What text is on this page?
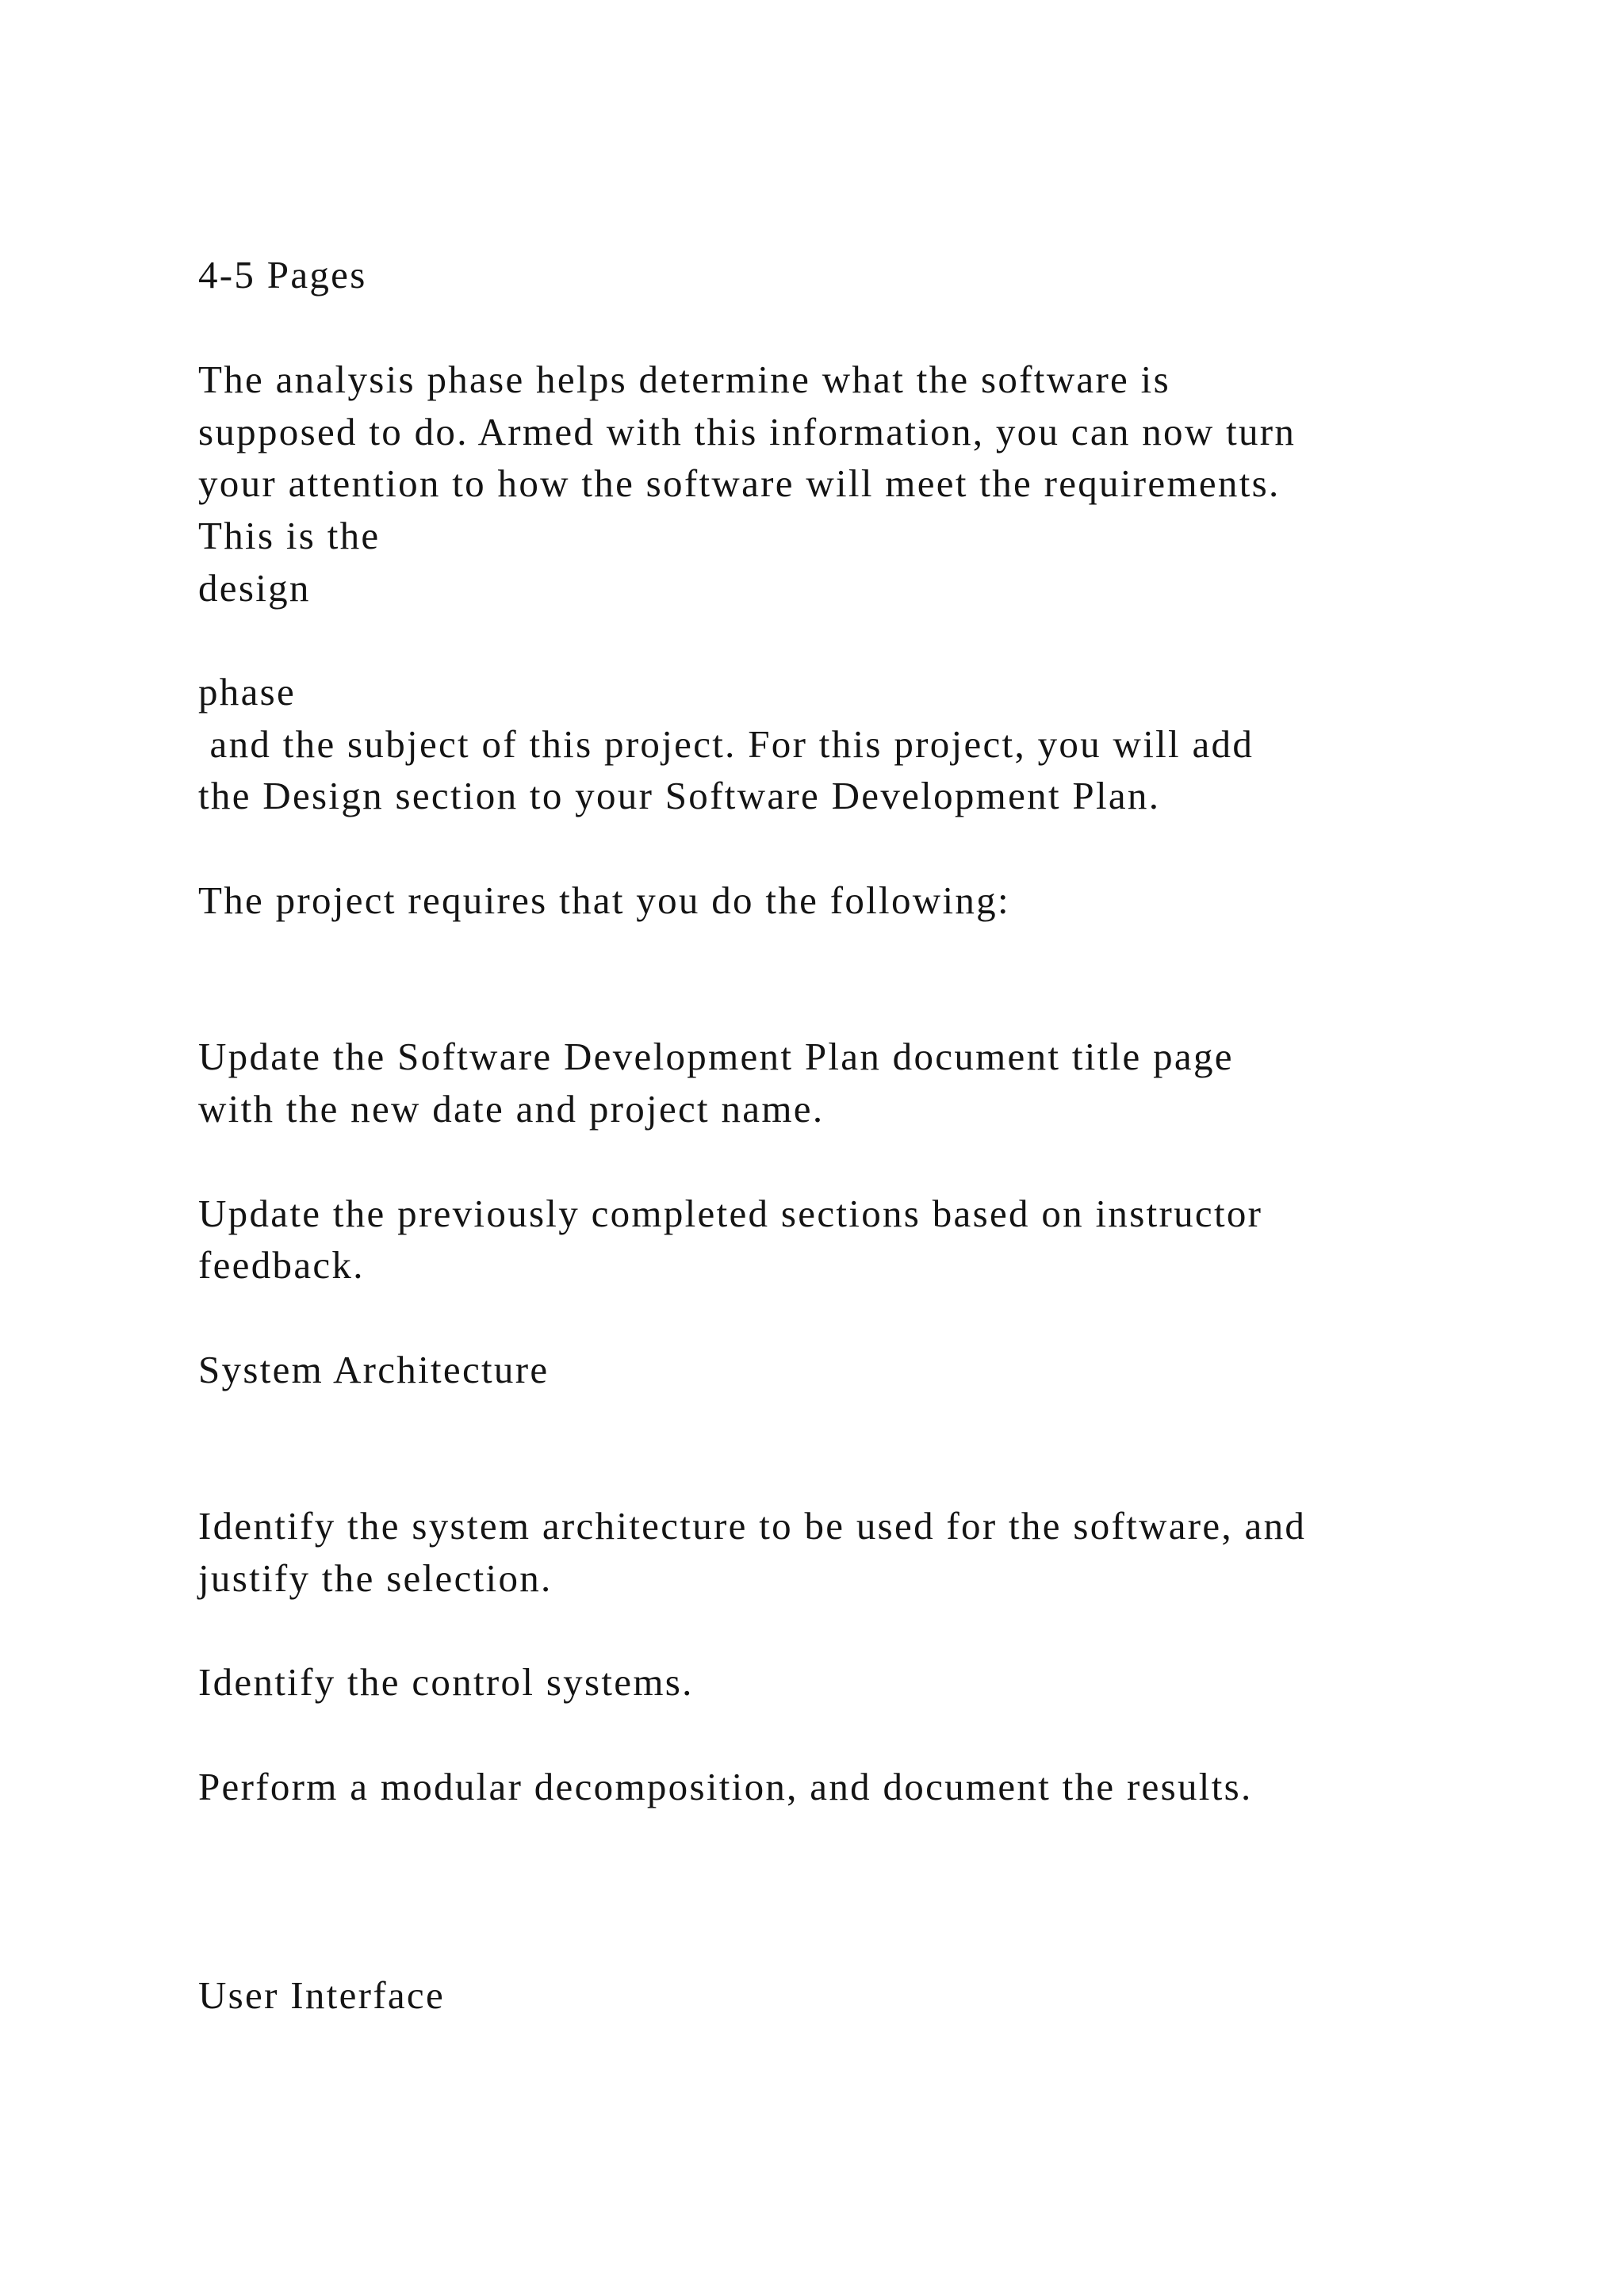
4-5 Pages

The analysis phase helps determine what the software is

supposed to do. Armed with this information, you can now turn

your attention to how the software will meet the requirements.

This is the

design

phase

and the subject of this project. For this project, you will add

the Design section to your Software Development Plan.

The project requires that you do the following:

Update the Software Development Plan document title page

with the new date and project name.

Update the previously completed sections based on instructor

feedback.

System Architecture

Identify the system architecture to be used for the software, and

justify the selection.

Identify the control systems.

Perform a modular decomposition, and document the results.

User Interface
